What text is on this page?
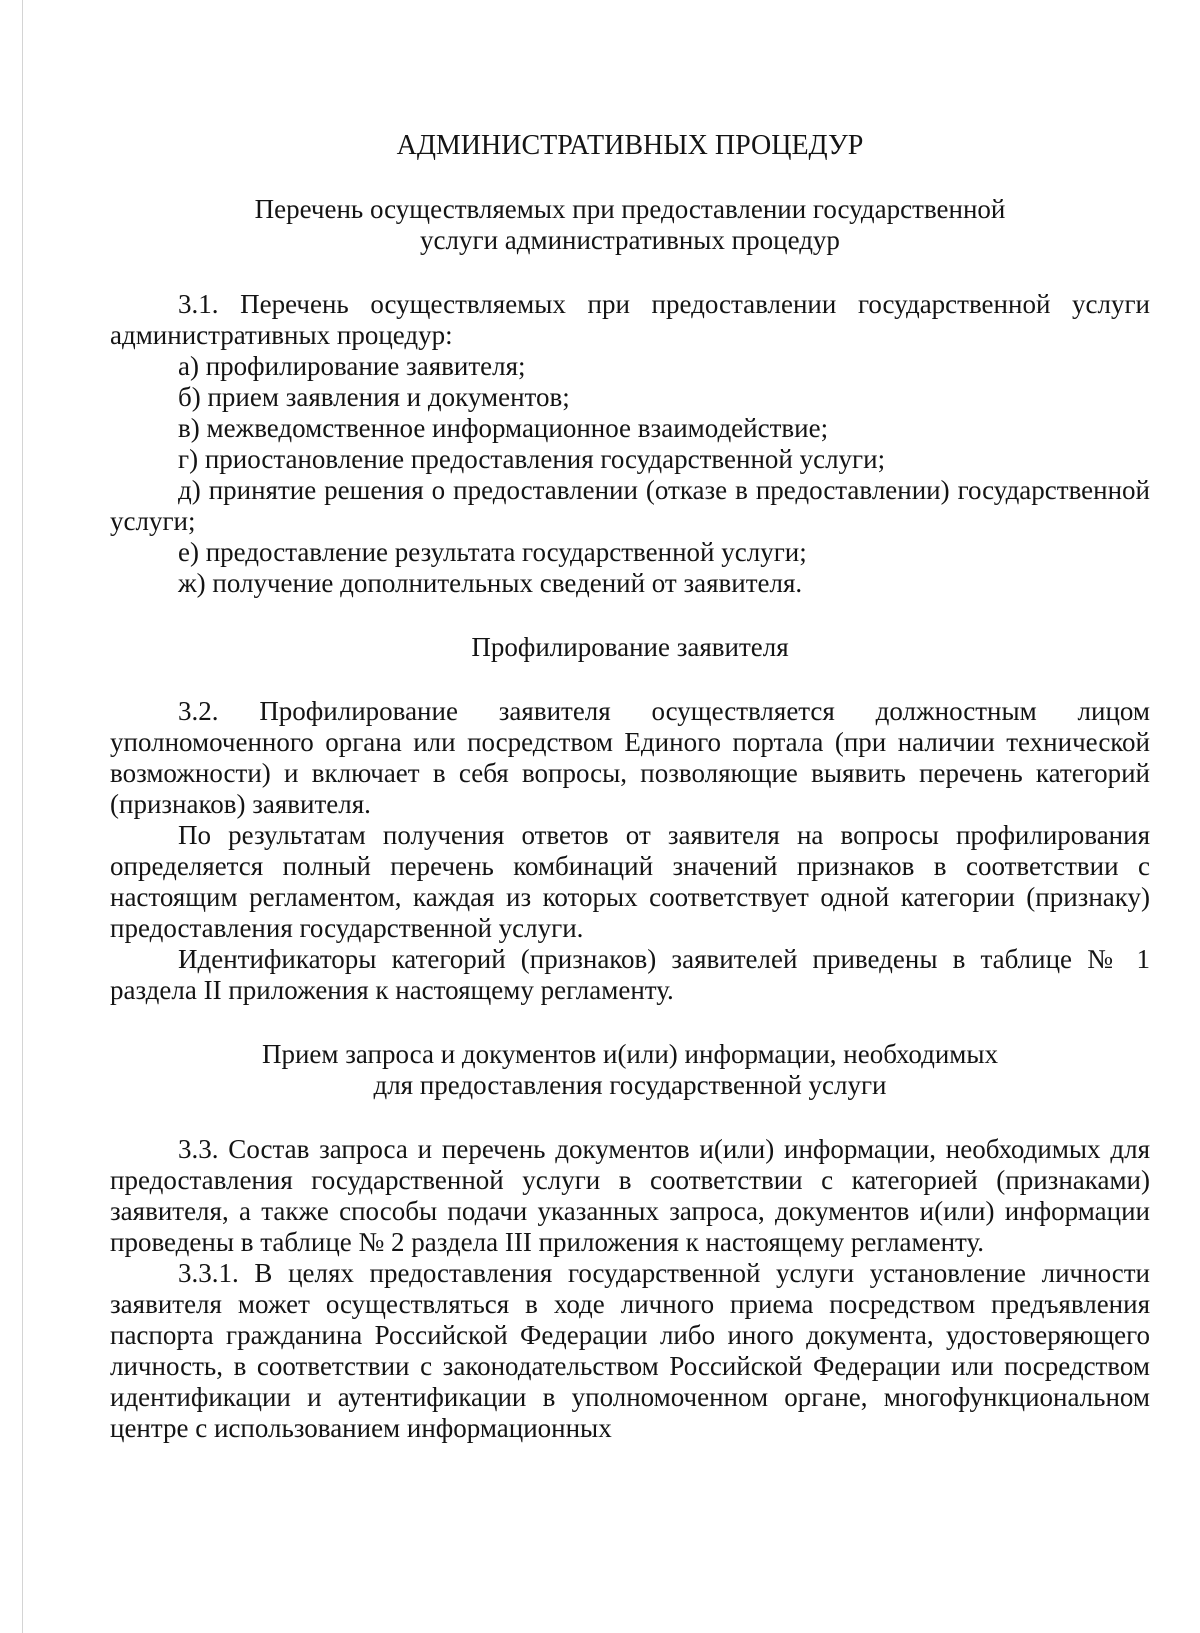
АДМИНИСТРАТИВНЫХ ПРОЦЕДУР
Перечень осуществляемых при предоставлении государственной
услуги административных процедур

3.1. Перечень осуществляемых при предоставлении государственной услуги административных процедур:

а) профилирование заявителя;
б) прием заявления и документов;
в) межведомственное информационное взаимодействие;
г) приостановление предоставления государственной услуги;
д) принятие решения о предоставлении (отказе в предоставлении) государственной услуги;
е) предоставление результата государственной услуги;
ж) получение дополнительных сведений от заявителя.
Профилирование заявителя

3.2. Профилирование заявителя осуществляется должностным лицом уполномоченного органа или посредством Единого портала (при наличии технической возможности) и включает в себя вопросы, позволяющие выявить перечень категорий (признаков) заявителя.

По результатам получения ответов от заявителя на вопросы профилирования определяется полный перечень комбинаций значений признаков в соответствии с настоящим регламентом, каждая из которых соответствует одной категории (признаку) предоставления государственной услуги.

Идентификаторы категорий (признаков) заявителей приведены в таблице № 1 раздела II приложения к настоящему регламенту.

Прием запроса и документов и(или) информации, необходимых
для предоставления государственной услуги

3.3. Состав запроса и перечень документов и(или) информации, необходимых для предоставления государственной услуги в соответствии с категорией (признаками) заявителя, а также способы подачи указанных запроса, документов и(или) информации проведены в таблице № 2 раздела III приложения к настоящему регламенту.

3.3.1. В целях предоставления государственной услуги установление личности заявителя может осуществляться в ходе личного приема посредством предъявления паспорта гражданина Российской Федерации либо иного документа, удостоверяющего личность, в соответствии с законодательством Российской Федерации или посредством идентификации и аутентификации в уполномоченном органе, многофункциональном центре с использованием информационных
